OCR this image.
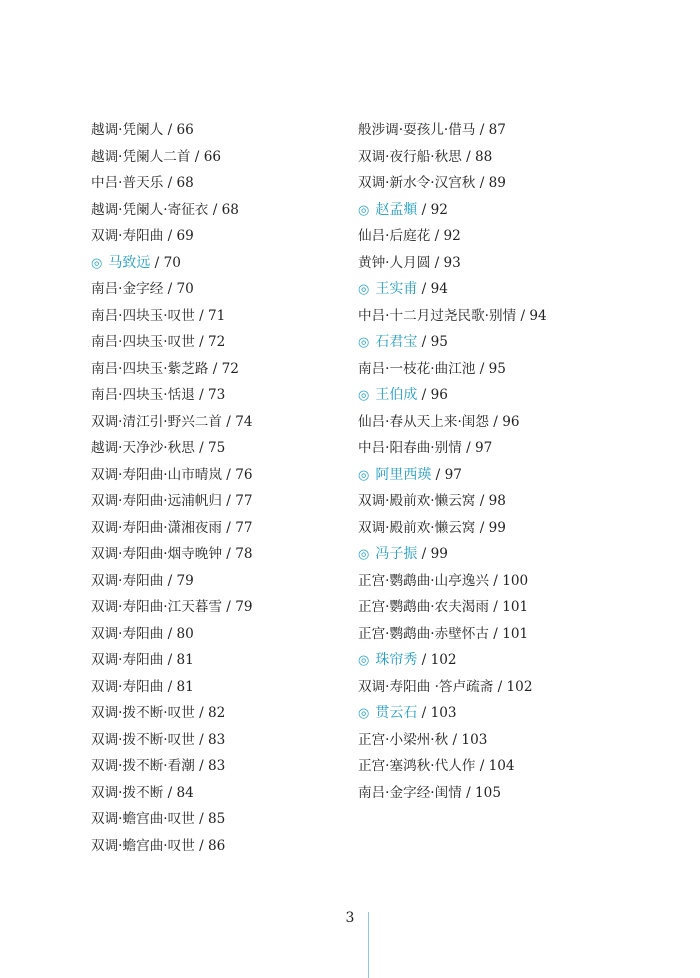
越调·凭阑人 / 66
越调·凭阑人二首 / 66
中吕·普天乐 / 68
越调·凭阑人·寄征衣 / 68
双调·寿阳曲 / 69
◎ 马致远 / 70
南吕·金字经 / 70
南吕·四块玉·叹世 / 71
南吕·四块玉·叹世 / 72
南吕·四块玉·紫芝路 / 72
南吕·四块玉·恬退 / 73
双调·清江引·野兴二首 / 74
越调·天净沙·秋思 / 75
双调·寿阳曲·山市晴岚 / 76
双调·寿阳曲·远浦帆归 / 77
双调·寿阳曲·潇湘夜雨 / 77
双调·寿阳曲·烟寺晚钟 / 78
双调·寿阳曲 / 79
双调·寿阳曲·江天暮雪 / 79
双调·寿阳曲 / 80
双调·寿阳曲 / 81
双调·寿阳曲 / 81
双调·拨不断·叹世 / 82
双调·拨不断·叹世 / 83
双调·拨不断·看潮 / 83
双调·拨不断 / 84
双调·蟾宫曲·叹世 / 85
双调·蟾宫曲·叹世 / 86
般涉调·耍孩儿·借马 / 87
双调·夜行船·秋思 / 88
双调·新水令·汉宫秋 / 89
◎ 赵孟頫 / 92
仙吕·后庭花 / 92
黄钟·人月圆 / 93
◎ 王实甫 / 94
中吕·十二月过尧民歌·别情 / 94
◎ 石君宝 / 95
南吕·一枝花·曲江池 / 95
◎ 王伯成 / 96
仙吕·春从天上来·闺怨 / 96
中吕·阳春曲·别情 / 97
◎ 阿里西瑛 / 97
双调·殿前欢·懒云窝 / 98
双调·殿前欢·懒云窝 / 99
◎ 冯子振 / 99
正宫·鹦鹉曲·山亭逸兴 / 100
正宫·鹦鹉曲·农夫渴雨 / 101
正宫·鹦鹉曲·赤壁怀古 / 101
◎ 珠帘秀 / 102
双调·寿阳曲 ·答卢疏斋 / 102
◎ 贯云石 / 103
正宫·小梁州·秋 / 103
正宫·塞鸿秋·代人作 / 104
南吕·金字经·闺情 / 105
3
